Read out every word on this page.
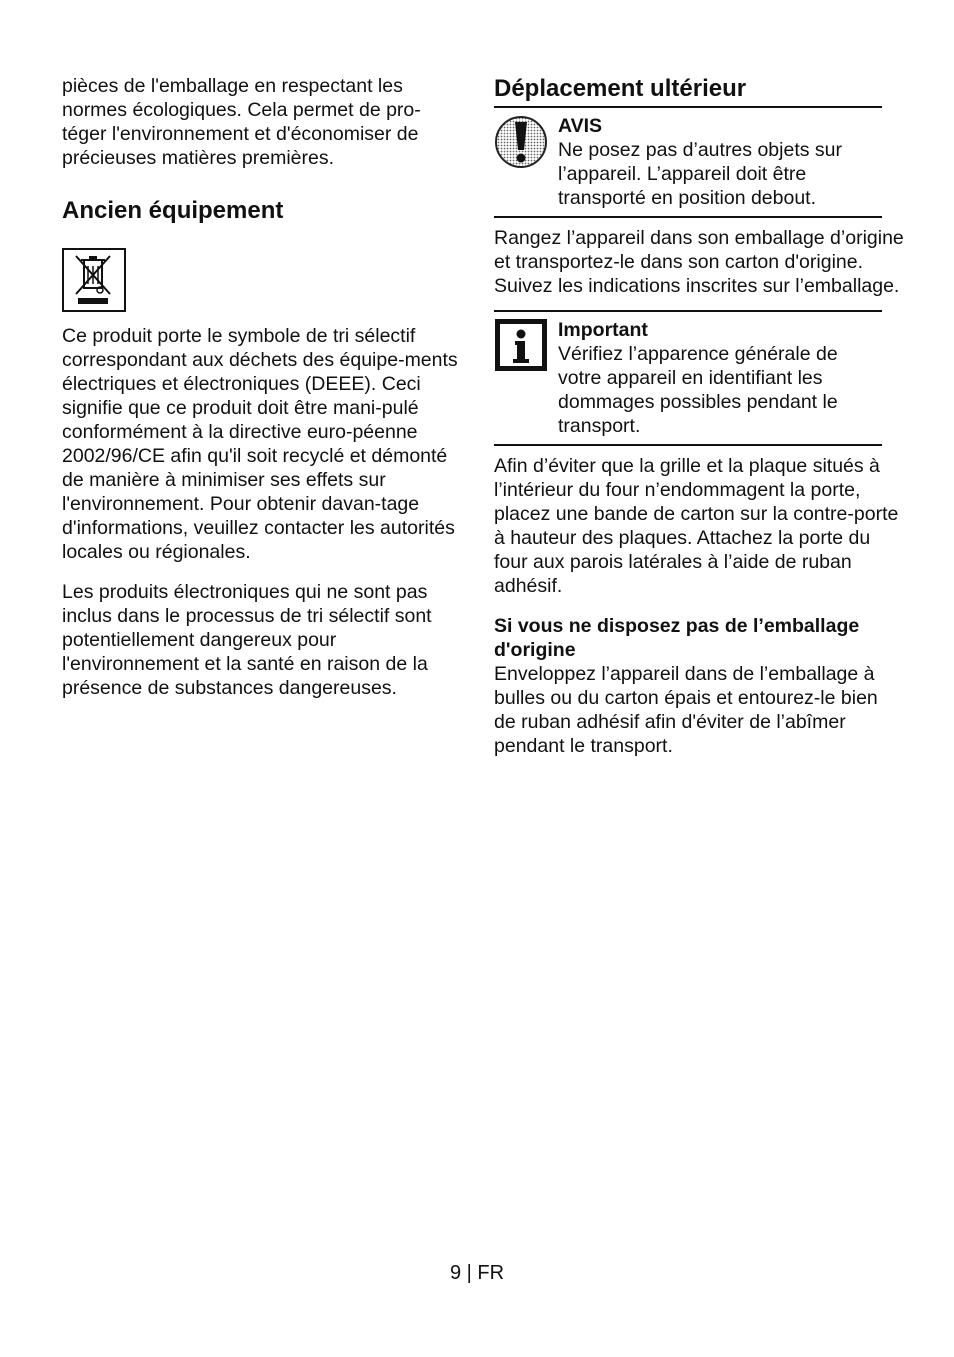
pièces de l'emballage en respectant les normes écologiques. Cela permet de pro-téger l'environnement et d'économiser de précieuses matières premières.

Ancien équipement

Ce produit porte le symbole de tri sélectif correspondant aux déchets des équipe-ments électriques et électroniques (DEEE). Ceci signifie que ce produit doit être mani-pulé conformément à la directive euro-péenne 2002/96/CE afin qu'il soit recyclé et démonté de manière à minimiser ses effets sur l'environnement. Pour obtenir davan-tage d'informations, veuillez contacter les autorités locales ou régionales.

Les produits électroniques qui ne sont pas inclus dans le processus de tri sélectif sont potentiellement dangereux pour l'environnement et la santé en raison de la présence de substances dangereuses.

Déplacement ultérieur
AVIS

Ne posez pas d’autres objets sur l’appareil. L’appareil doit être transporté en position debout.

Rangez l’appareil dans son emballage d’origine et transportez-le dans son carton d'origine. Suivez les indications inscrites sur l’emballage.

Important

Vérifiez l’apparence générale de votre appareil en identifiant les dommages possibles pendant le transport.

Afin d’éviter que la grille et la plaque situés à l’intérieur du four n’endommagent la porte, placez une bande de carton sur la contre-porte à hauteur des plaques. Attachez la porte du four aux parois latérales à l’aide de ruban adhésif.

Si vous ne disposez pas de l’emballage d'origine

Enveloppez l’appareil dans de l’emballage à bulles ou du carton épais et entourez-le bien de ruban adhésif afin d'éviter de l’abîmer pendant le transport.

9 | FR
